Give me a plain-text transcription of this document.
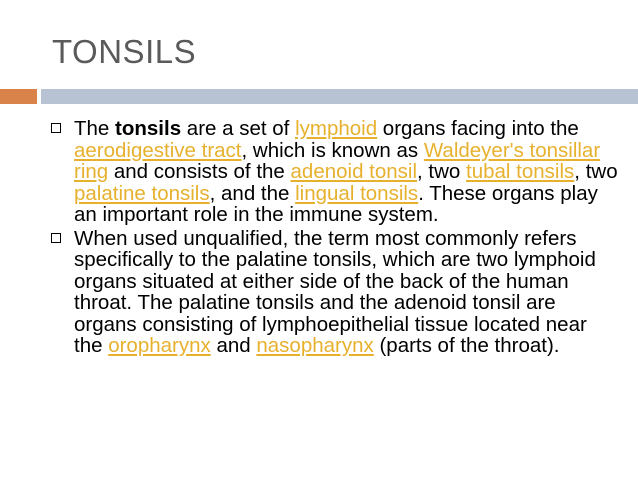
TONSILS
The tonsils are a set of lymphoid organs facing into the aerodigestive tract, which is known as Waldeyer's tonsillar ring and consists of the adenoid tonsil, two tubal tonsils, two palatine tonsils, and the lingual tonsils. These organs play an important role in the immune system.
When used unqualified, the term most commonly refers specifically to the palatine tonsils, which are two lymphoid organs situated at either side of the back of the human throat. The palatine tonsils and the adenoid tonsil are organs consisting of lymphoepithelial tissue located near the oropharynx and nasopharynx (parts of the throat).
